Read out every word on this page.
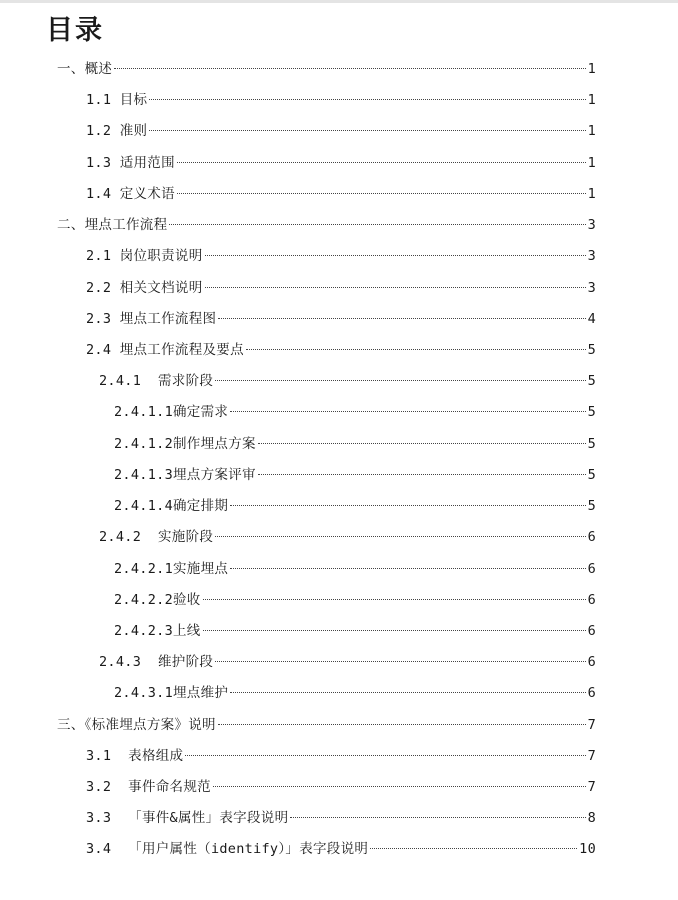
目录
一、概述	1
1.1 目标	1
1.2 准则	1
1.3 适用范围	1
1.4 定义术语	1
二、埋点工作流程	3
2.1 岗位职责说明	3
2.2 相关文档说明	3
2.3 埋点工作流程图	4
2.4 埋点工作流程及要点	5
2.4.1  需求阶段	5
2.4.1.1确定需求	5
2.4.1.2制作埋点方案	5
2.4.1.3埋点方案评审	5
2.4.1.4确定排期	5
2.4.2  实施阶段	6
2.4.2.1实施埋点	6
2.4.2.2验收	6
2.4.2.3上线	6
2.4.3  维护阶段	6
2.4.3.1埋点维护	6
三、《标准埋点方案》说明	7
3.1  表格组成	7
3.2  事件命名规范	7
3.3  「事件&属性」表字段说明	8
3.4  「用户属性（identify）」表字段说明	10
